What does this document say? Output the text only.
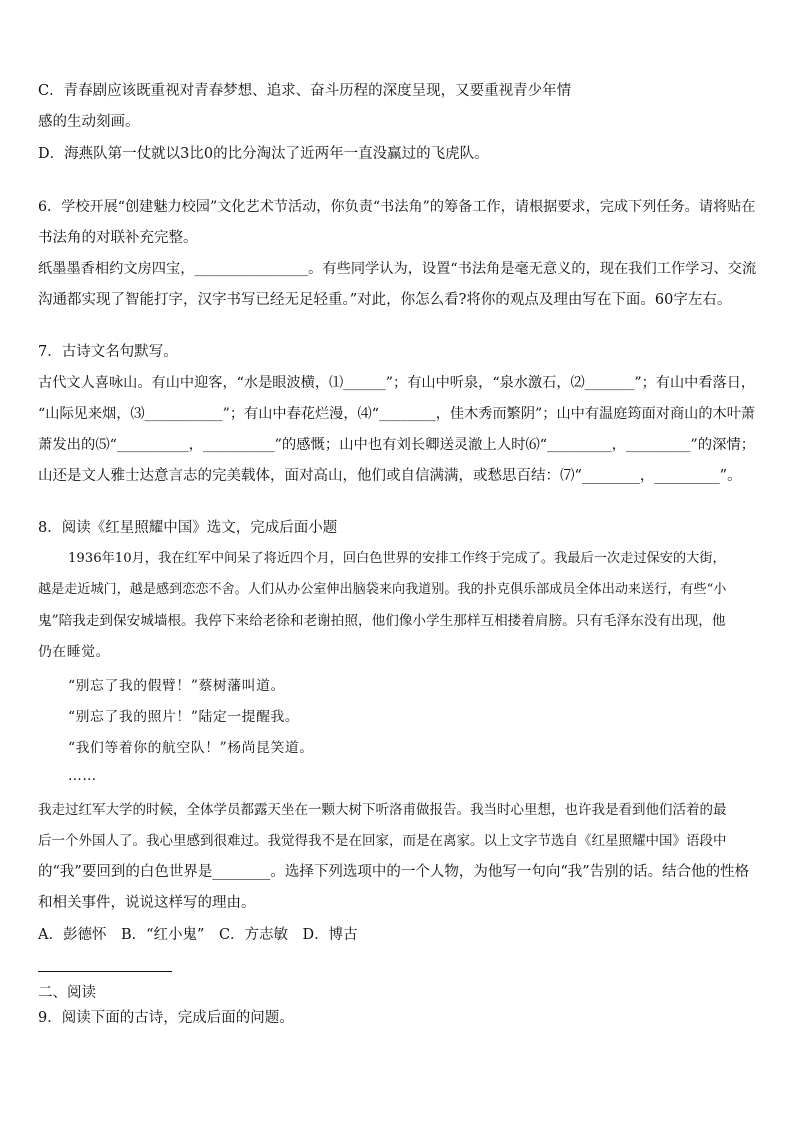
C．青春剧应该既重视对青春梦想、追求、奋斗历程的深度呈现，又要重视青少年情
感的生动刻画。
D．海燕队第一仗就以3比0的比分淘汰了近两年一直没赢过的飞虎队。
6．学校开展“创建魅力校园”文化艺术节活动，你负责“书法角”的筹备工作，请根据要求，完成下列任务。请将贴在
书法角的对联补充完整。
纸墨墨香相约文房四宝，________________。有些同学认为，设置“书法角是毫无意义的，现在我们工作学习、交流
沟通都实现了智能打字，汉字书写已经无足轻重。”对此，你怎么看?将你的观点及理由写在下面。60字左右。
7．古诗文名句默写。
古代文人喜咏山。有山中迎客，“水是眼波横，⑴______”；有山中听泉，“泉水激石，⑵_______”；有山中看落日，
“山际见来烟，⑶___________”；有山中春花烂漫，⑷“________，佳木秀而繁阴”；山中有温庭筠面对商山的木叶萧
萧发出的⑸“__________，__________”的感慨；山中也有刘长卿送灵澈上人时⑹“_________，_________”的深情；
山还是文人雅士达意言志的完美载体，面对高山，他们或自信满满，或愁思百结：⑺“________，_________”。
8．阅读《红星照耀中国》选文，完成后面小题
1936年10月，我在红军中间呆了将近四个月，回白色世界的安排工作终于完成了。我最后一次走过保安的大街，
越是走近城门，越是感到恋恋不舍。人们从办公室伸出脑袋来向我道别。我的扑克俱乐部成员全体出动来送行，有些“小
鬼”陪我走到保安城墙根。我停下来给老徐和老谢拍照，他们像小学生那样互相搂着肩膀。只有毛泽东没有出现，他
仍在睡觉。
“别忘了我的假臂！”蔡树藩叫道。
“别忘了我的照片！”陆定一提醒我。
“我们等着你的航空队！”杨尚昆笑道。
……
我走过红军大学的时候，全体学员都露天坐在一颗大树下听洛甫做报告。我当时心里想，也许我是看到他们活着的最
后一个外国人了。我心里感到很难过。我觉得我不是在回家，而是在离家。以上文字节选自《红星照耀中国》语段中
的“我”要回到的白色世界是________。选择下列选项中的一个人物，为他写一句向“我”告别的话。结合他的性格
和相关事件，说说这样写的理由。
A．彭德怀　B．“红小鬼”　C．方志敏　D．博古
二、阅读
9．阅读下面的古诗，完成后面的问题。
